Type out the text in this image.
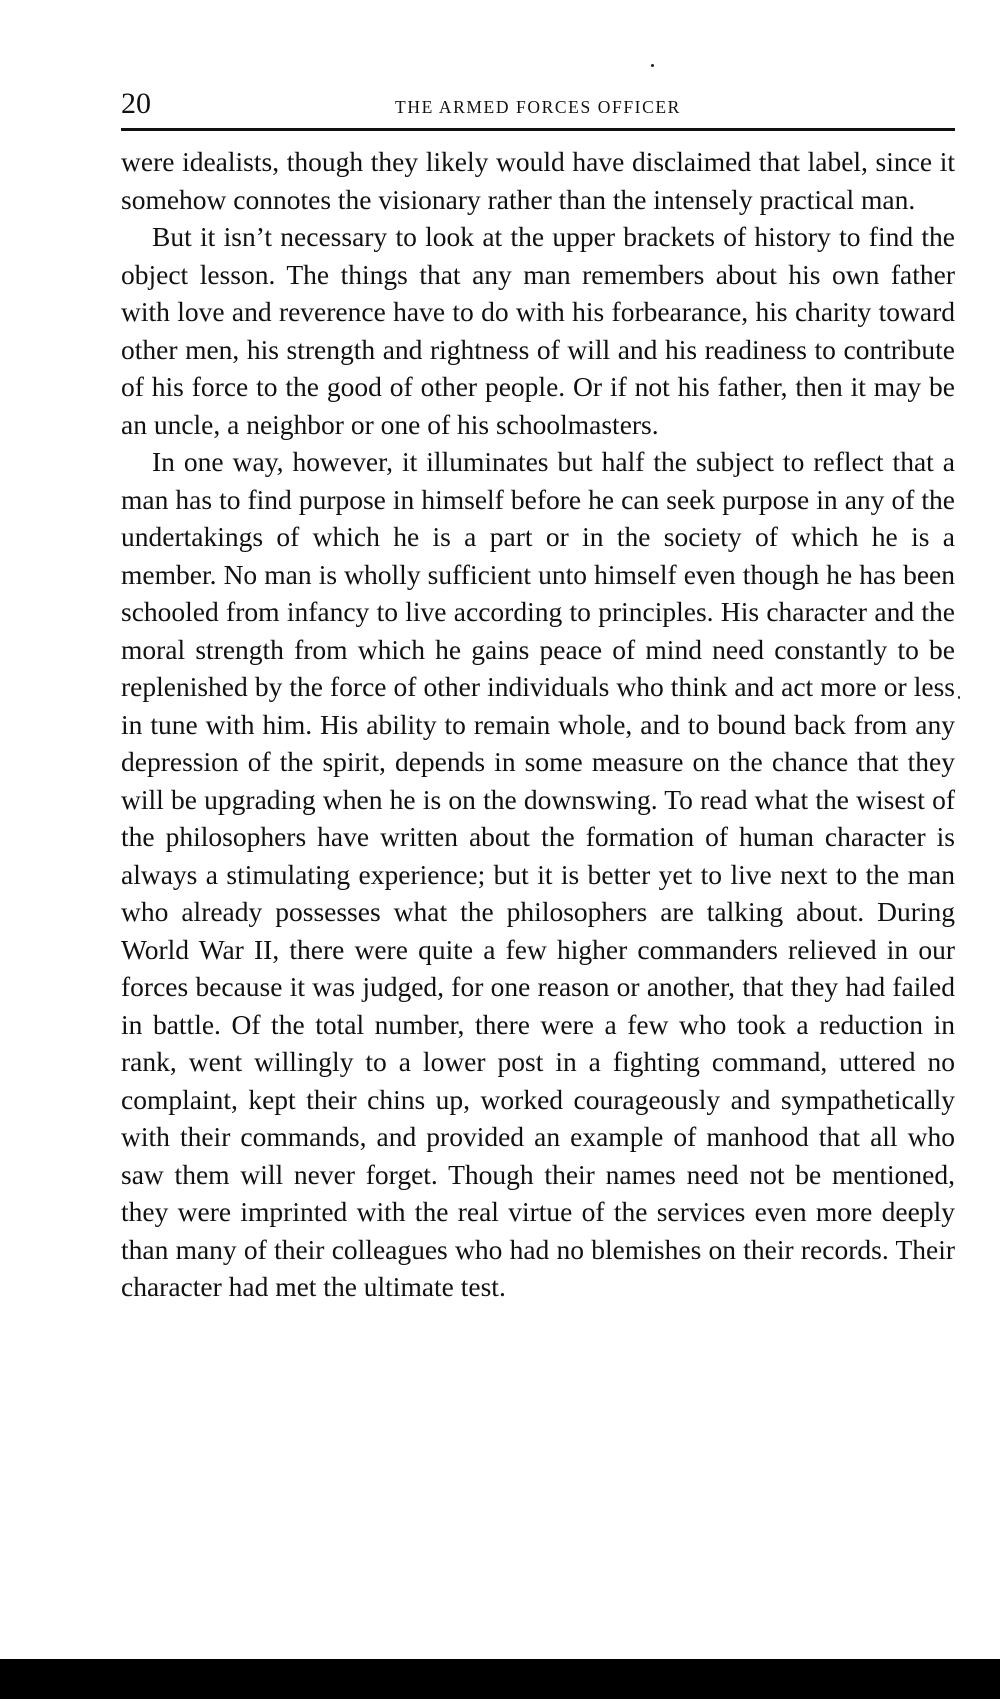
20	THE ARMED FORCES OFFICER

were idealists, though they likely would have disclaimed that label, since it somehow connotes the visionary rather than the intensely practical man.

But it isn’t necessary to look at the upper brackets of history to find the object lesson. The things that any man remembers about his own father with love and reverence have to do with his forbearance, his charity toward other men, his strength and rightness of will and his readiness to contribute of his force to the good of other people. Or if not his father, then it may be an uncle, a neighbor or one of his schoolmasters.

In one way, however, it illuminates but half the subject to reflect that a man has to find purpose in himself before he can seek purpose in any of the undertakings of which he is a part or in the society of which he is a member. No man is wholly sufficient unto himself even though he has been schooled from infancy to live according to principles. His character and the moral strength from which he gains peace of mind need constantly to be replenished by the force of other individuals who think and act more or less in tune with him. His ability to remain whole, and to bound back from any depression of the spirit, depends in some measure on the chance that they will be upgrading when he is on the downswing. To read what the wisest of the philosophers have written about the formation of human character is always a stimulating experience; but it is better yet to live next to the man who already possesses what the philosophers are talking about. During World War II, there were quite a few higher commanders relieved in our forces because it was judged, for one reason or another, that they had failed in battle. Of the total number, there were a few who took a reduction in rank, went willingly to a lower post in a fighting command, uttered no complaint, kept their chins up, worked courageously and sympathetically with their commands, and provided an example of manhood that all who saw them will never forget. Though their names need not be mentioned, they were imprinted with the real virtue of the services even more deeply than many of their colleagues who had no blemishes on their records. Their character had met the ultimate test.
